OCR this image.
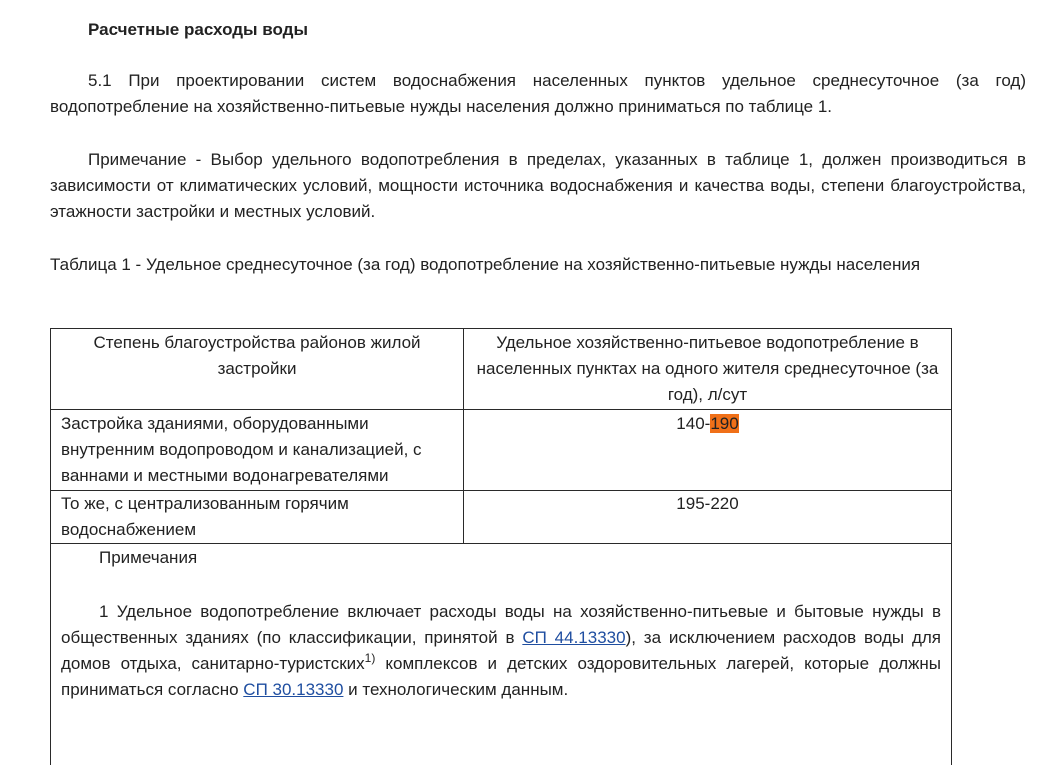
Расчетные расходы воды

5.1 При проектировании систем водоснабжения населенных пунктов удельное среднесуточное (за год) водопотребление на хозяйственно-питьевые нужды населения должно приниматься по таблице 1.

Примечание - Выбор удельного водопотребления в пределах, указанных в таблице 1, должен производиться в зависимости от климатических условий, мощности источника водоснабжения и качества воды, степени благоустройства, этажности застройки и местных условий.

Таблица 1 - Удельное среднесуточное (за год) водопотребление на хозяйственно-питьевые нужды населения

Степень благоустройства районов жилой застройки	Удельное хозяйственно-питьевое водопотребление в населенных пунктах на одного жителя среднесуточное (за год), л/сут
Застройка зданиями, оборудованными внутренним водопроводом и канализацией, с ваннами и местными водонагревателями	140-190
То же, с централизованным горячим водоснабжением	195-220

Примечания

1 Удельное водопотребление включает расходы воды на хозяйственно-питьевые и бытовые нужды в общественных зданиях (по классификации, принятой в СП 44.13330), за исключением расходов воды для домов отдыха, санитарно-туристских$^{1)}$ комплексов и детских оздоровительных лагерей, которые должны приниматься согласно СП 30.13330 и технологическим данным.	
